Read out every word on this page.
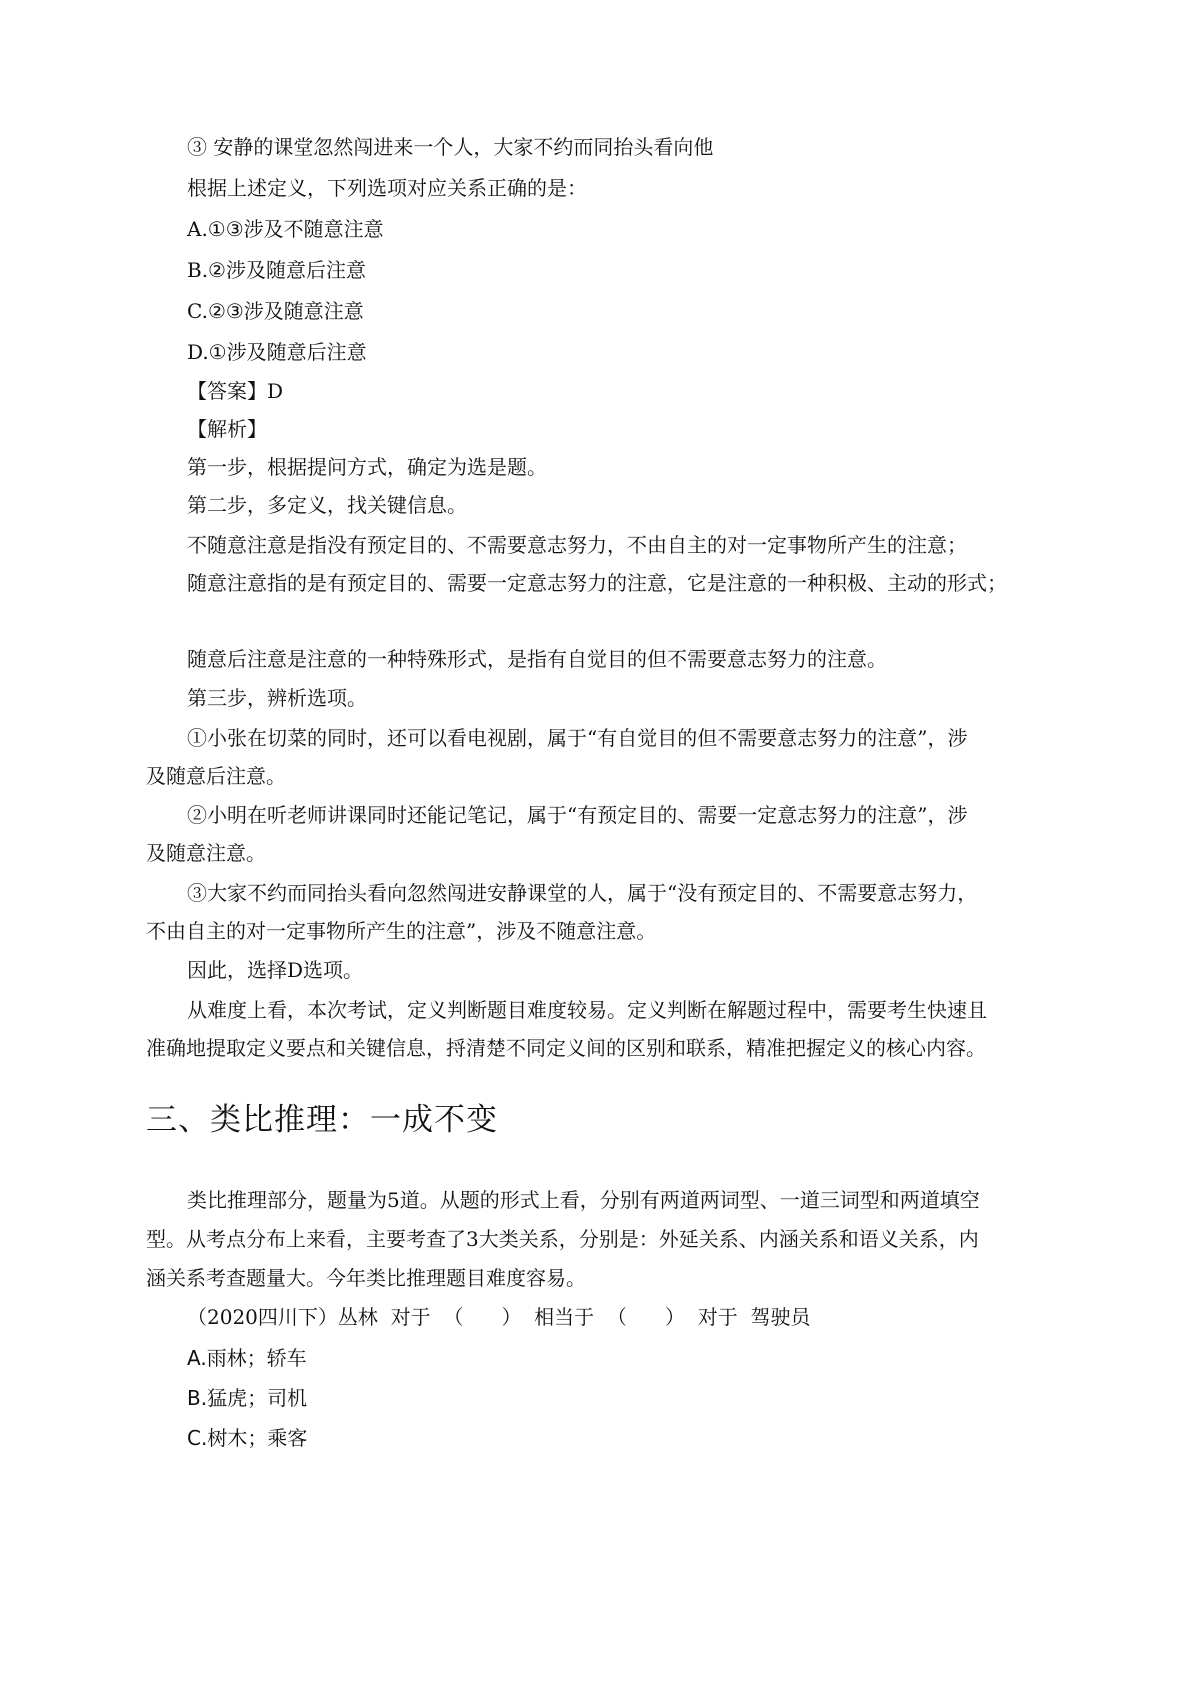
③ 安静的课堂忽然闯进来一个人，大家不约而同抬头看向他
根据上述定义，下列选项对应关系正确的是：
A.①③涉及不随意注意
B.②涉及随意后注意
C.②③涉及随意注意
D.①涉及随意后注意
【答案】D
【解析】
第一步，根据提问方式，确定为选是题。
第二步，多定义，找关键信息。
不随意注意是指没有预定目的、不需要意志努力，不由自主的对一定事物所产生的注意；
随意注意指的是有预定目的、需要一定意志努力的注意，它是注意的一种积极、主动的形式；
随意后注意是注意的一种特殊形式，是指有自觉目的但不需要意志努力的注意。
第三步，辨析选项。
①小张在切菜的同时，还可以看电视剧，属于“有自觉目的但不需要意志努力的注意”，涉
及随意后注意。
②小明在听老师讲课同时还能记笔记，属于“有预定目的、需要一定意志努力的注意”，涉
及随意注意。
③大家不约而同抬头看向忽然闯进安静课堂的人，属于“没有预定目的、不需要意志努力，
不由自主的对一定事物所产生的注意”，涉及不随意注意。
因此，选择D选项。
从难度上看，本次考试，定义判断题目难度较易。定义判断在解题过程中，需要考生快速且
准确地提取定义要点和关键信息，捋清楚不同定义间的区别和联系，精准把握定义的核心内容。
三、类比推理：一成不变
类比推理部分，题量为5道。从题的形式上看，分别有两道两词型、一道三词型和两道填空
型。从考点分布上来看，主要考查了3大类关系，分别是：外延关系、内涵关系和语义关系，内
涵关系考查题量大。今年类比推理题目难度容易。
（2020四川下）丛林  对于  （      ）  相当于  （      ）  对于  驾驶员
A.雨林；轿车
B.猛虎；司机
C.树木；乘客
